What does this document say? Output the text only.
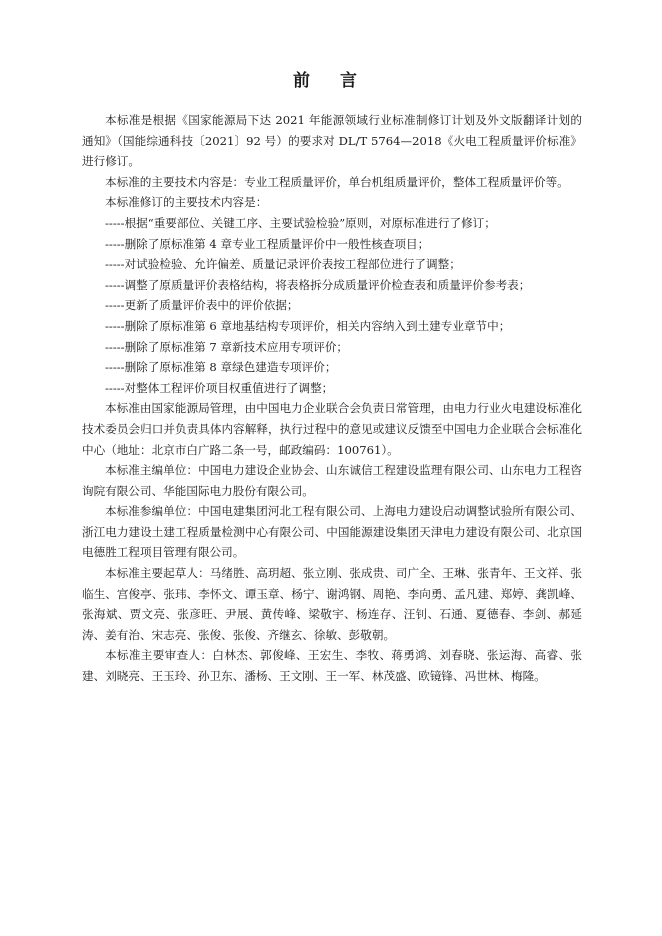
前 言

本标准是根据《国家能源局下达 2021 年能源领域行业标准制修订计划及外文版翻译计划的通知》（国能综通科技〔2021〕92 号）的要求对 DL/T 5764—2018《火电工程质量评价标准》进行修订。

本标准的主要技术内容是：专业工程质量评价，单台机组质量评价，整体工程质量评价等。

本标准修订的主要技术内容是：

-----根据“重要部位、关键工序、主要试验检验”原则，对原标准进行了修订；

-----删除了原标准第 4 章专业工程质量评价中一般性核查项目；

-----对试验检验、允许偏差、质量记录评价表按工程部位进行了调整；

-----调整了原质量评价表格结构，将表格拆分成质量评价检查表和质量评价参考表；

-----更新了质量评价表中的评价依据；

-----删除了原标准第 6 章地基结构专项评价，相关内容纳入到土建专业章节中；

-----删除了原标准第 7 章新技术应用专项评价；

-----删除了原标准第 8 章绿色建造专项评价；

-----对整体工程评价项目权重值进行了调整；

本标准由国家能源局管理，由中国电力企业联合会负责日常管理，由电力行业火电建设标准化技术委员会归口并负责具体内容解释，执行过程中的意见或建议反馈至中国电力企业联合会标准化中心（地址：北京市白广路二条一号，邮政编码：100761）。

本标准主编单位：中国电力建设企业协会、山东诚信工程建设监理有限公司、山东电力工程咨询院有限公司、华能国际电力股份有限公司。

本标准参编单位：中国电建集团河北工程有限公司、上海电力建设启动调整试验所有限公司、浙江电力建设土建工程质量检测中心有限公司、中国能源建设集团天津电力建设有限公司、北京国电德胜工程项目管理有限公司。

本标准主要起草人：马绪胜、高玥超、张立刚、张成贵、司广全、王琳、张青年、王文祥、张临生、宫俊亭、张玮、李怀文、谭玉章、杨宁、谢鸿钢、周艳、李向勇、孟凡建、郑婷、龚凯峰、张海斌、贾文亮、张彦旺、尹展、黄传峰、梁敬宇、杨连存、汪钊、石通、夏德春、李剑、郝延涛、姜有治、宋志亮、张俊、张俊、齐继玄、徐敏、彭敬朝。

本标准主要审查人：白林杰、郭俊峰、王宏生、李牧、蒋勇鸿、刘春晓、张运海、高睿、张建、刘晓亮、王玉玲、孙卫东、潘杨、王文刚、王一军、林茂盛、欧镜锋、冯世林、梅隆。
